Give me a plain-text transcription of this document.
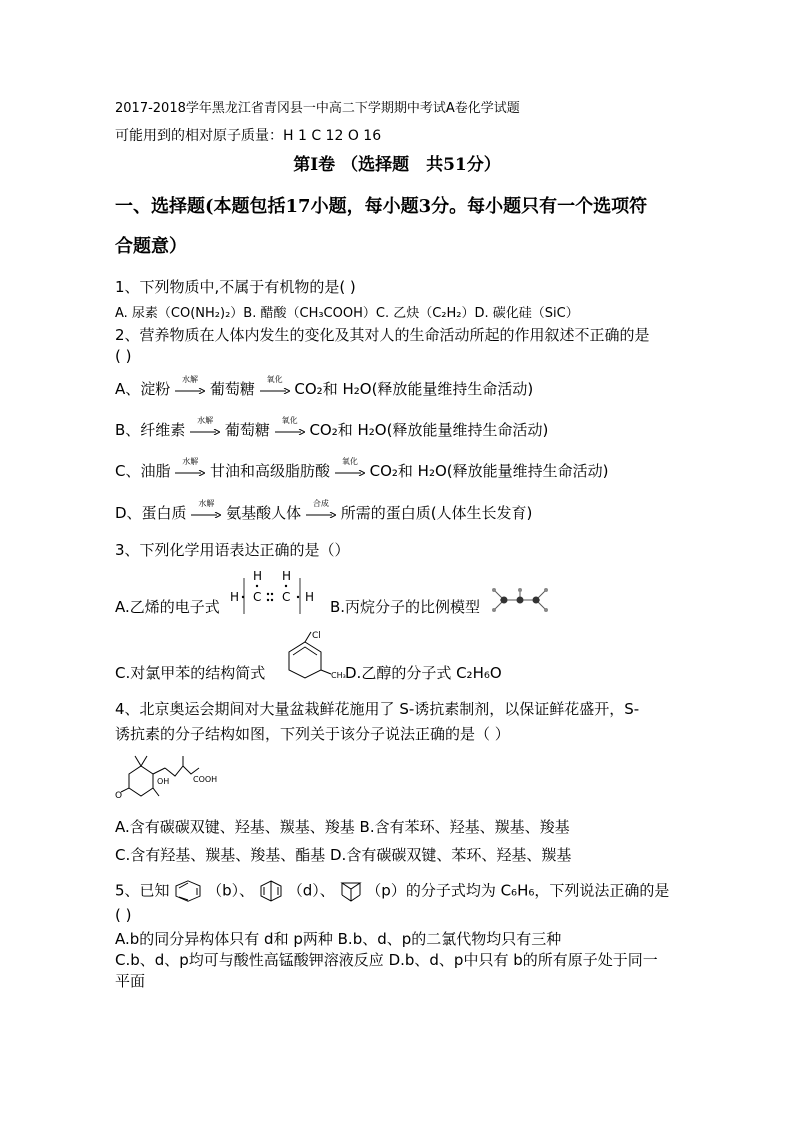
2017-2018学年黑龙江省青冈县一中高二下学期期中考试A卷化学试题
可能用到的相对原子质量：H 1 C 12 O 16
第Ⅰ卷 （选择题　共51分）
一、选择题(本题包括17小题，每小题3分。每小题只有一个选项符
合题意）
1、下列物质中,不属于有机物的是( )
A. 尿素（CO(NH₂)₂）B. 醋酸（CH₃COOH）C. 乙炔（C₂H₂）D. 碳化硅（SiC）
2、营养物质在人体内发生的变化及其对人的生命活动所起的作用叙述不正确的是
( )
A、淀粉
水解
葡萄糖
氧化
CO₂和 H₂O(释放能量维持生命活动)
B、纤维素
水解
葡萄糖
氧化
CO₂和 H₂O(释放能量维持生命活动)
C、油脂
水解
甘油和高级脂肪酸
氧化
CO₂和 H₂O(释放能量维持生命活动)
D、蛋白质
水解
氨基酸人体
合成
所需的蛋白质(人体生长发育)
3、下列化学用语表达正确的是（）
A.乙烯的电子式
H H
H C C H
B.丙烷分子的比例模型
C.对氯甲苯的结构简式
Cl
CH₃ D.乙醇的分子式 C₂H₆O
4、北京奥运会期间对大量盆栽鲜花施用了 S-诱抗素制剂，以保证鲜花盛开，S-
诱抗素的分子结构如图，下列关于该分子说法正确的是（ ）
O
OH	COOH
A.含有碳碳双键、羟基、羰基、羧基 B.含有苯环、羟基、羰基、羧基
C.含有羟基、羰基、羧基、酯基 D.含有碳碳双键、苯环、羟基、羰基
5、已知	（b）、 （d）、 （p）的分子式均为 C₆H₆，下列说法正确的是
( )
A.b的同分异构体只有 d和 p两种 B.b、d、p的二氯代物均只有三种
C.b、d、p均可与酸性高锰酸钾溶液反应 D.b、d、p中只有 b的所有原子处于同一
平面
